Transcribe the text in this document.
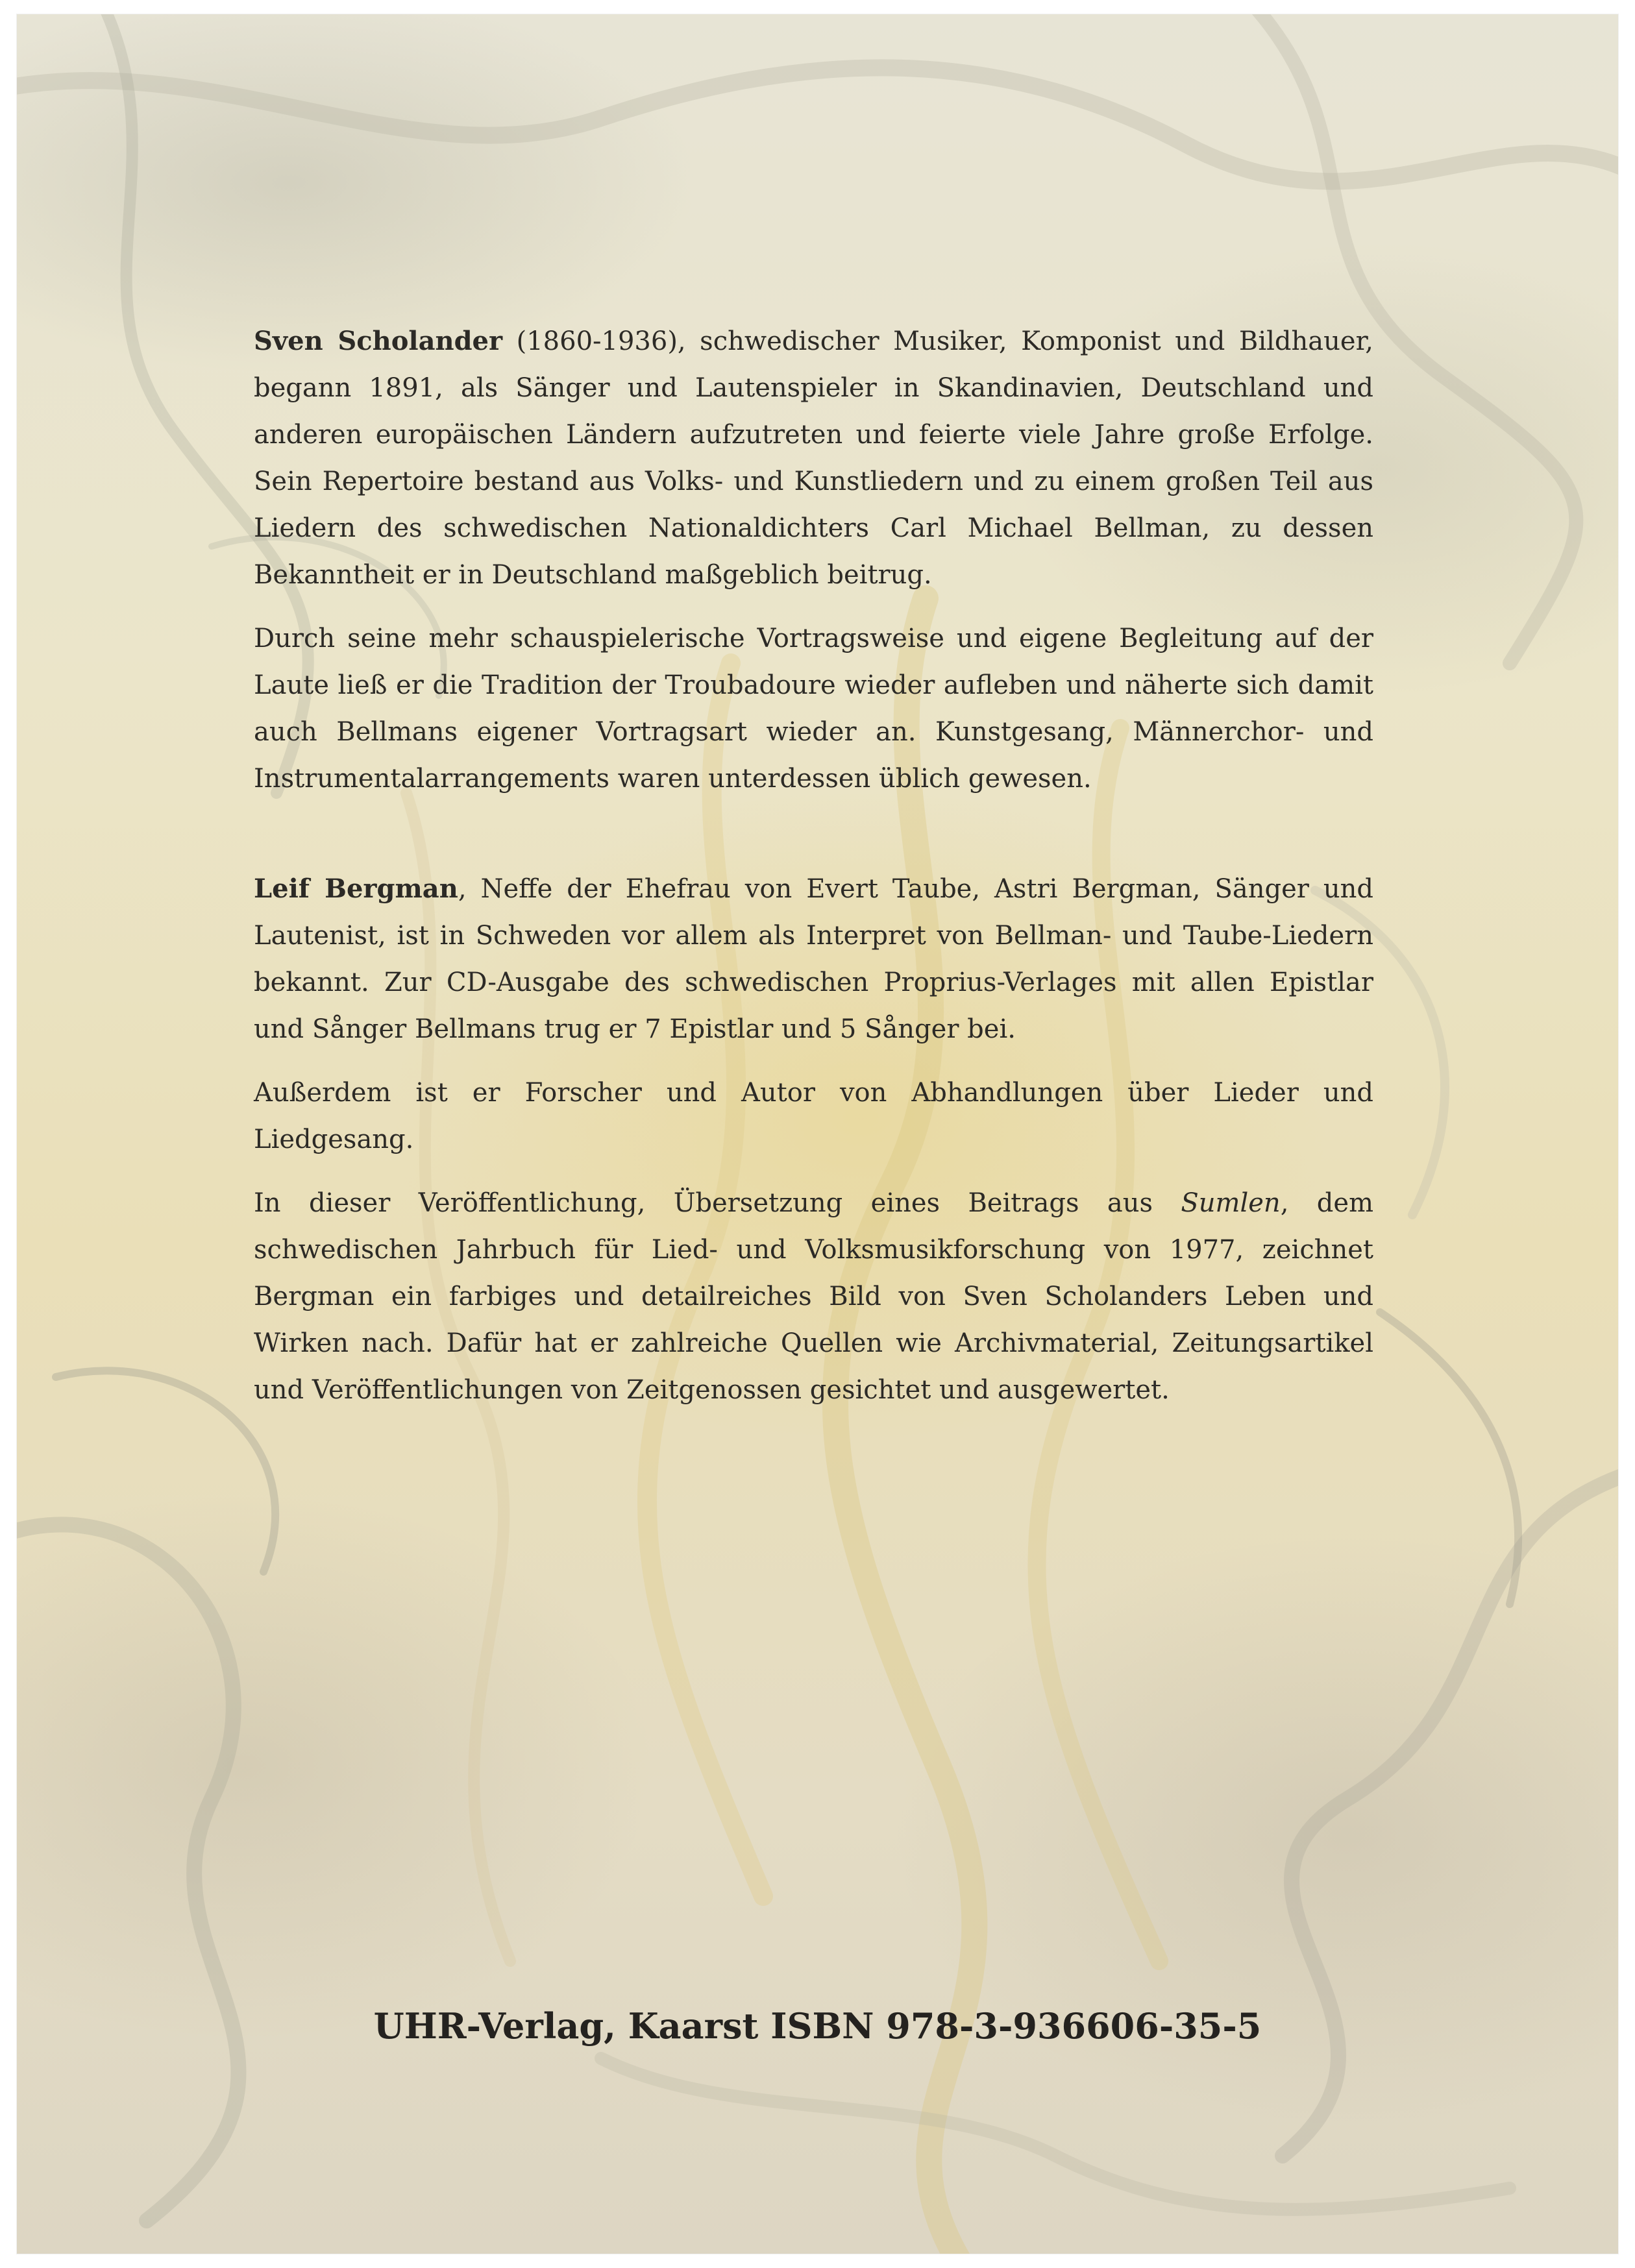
Sven Scholander (1860-1936), schwedischer Musiker, Komponist und Bildhauer, begann 1891, als Sänger und Lautenspieler in Skandinavien, Deutschland und anderen europäischen Ländern aufzutreten und feierte viele Jahre große Erfolge. Sein Repertoire bestand aus Volks- und Kunstliedern und zu einem großen Teil aus Liedern des schwedischen Nationaldichters Carl Michael Bellman, zu dessen Bekanntheit er in Deutschland maßgeblich beitrug.

Durch seine mehr schauspielerische Vortragsweise und eigene Begleitung auf der Laute ließ er die Tradition der Troubadoure wieder aufleben und näherte sich damit auch Bellmans eigener Vortragsart wieder an. Kunstgesang, Männerchor- und Instrumentalarrangements waren unterdessen üblich gewesen.

Leif Bergman, Neffe der Ehefrau von Evert Taube, Astri Bergman, Sänger und Lautenist, ist in Schweden vor allem als Interpret von Bellman- und Taube-Liedern bekannt. Zur CD-Ausgabe des schwedischen Proprius-Verlages mit allen Epistlar und Sånger Bellmans trug er 7 Epistlar und 5 Sånger bei.

Außerdem ist er Forscher und Autor von Abhandlungen über Lieder und Liedgesang.

In dieser Veröffentlichung, Übersetzung eines Beitrags aus Sumlen, dem schwedischen Jahrbuch für Lied- und Volksmusikforschung von 1977, zeichnet Bergman ein farbiges und detailreiches Bild von Sven Scholanders Leben und Wirken nach. Dafür hat er zahlreiche Quellen wie Archivmaterial, Zeitungsartikel und Veröffentlichungen von Zeitgenossen gesichtet und ausgewertet.

UHR-Verlag, Kaarst ISBN 978-3-936606-35-5
